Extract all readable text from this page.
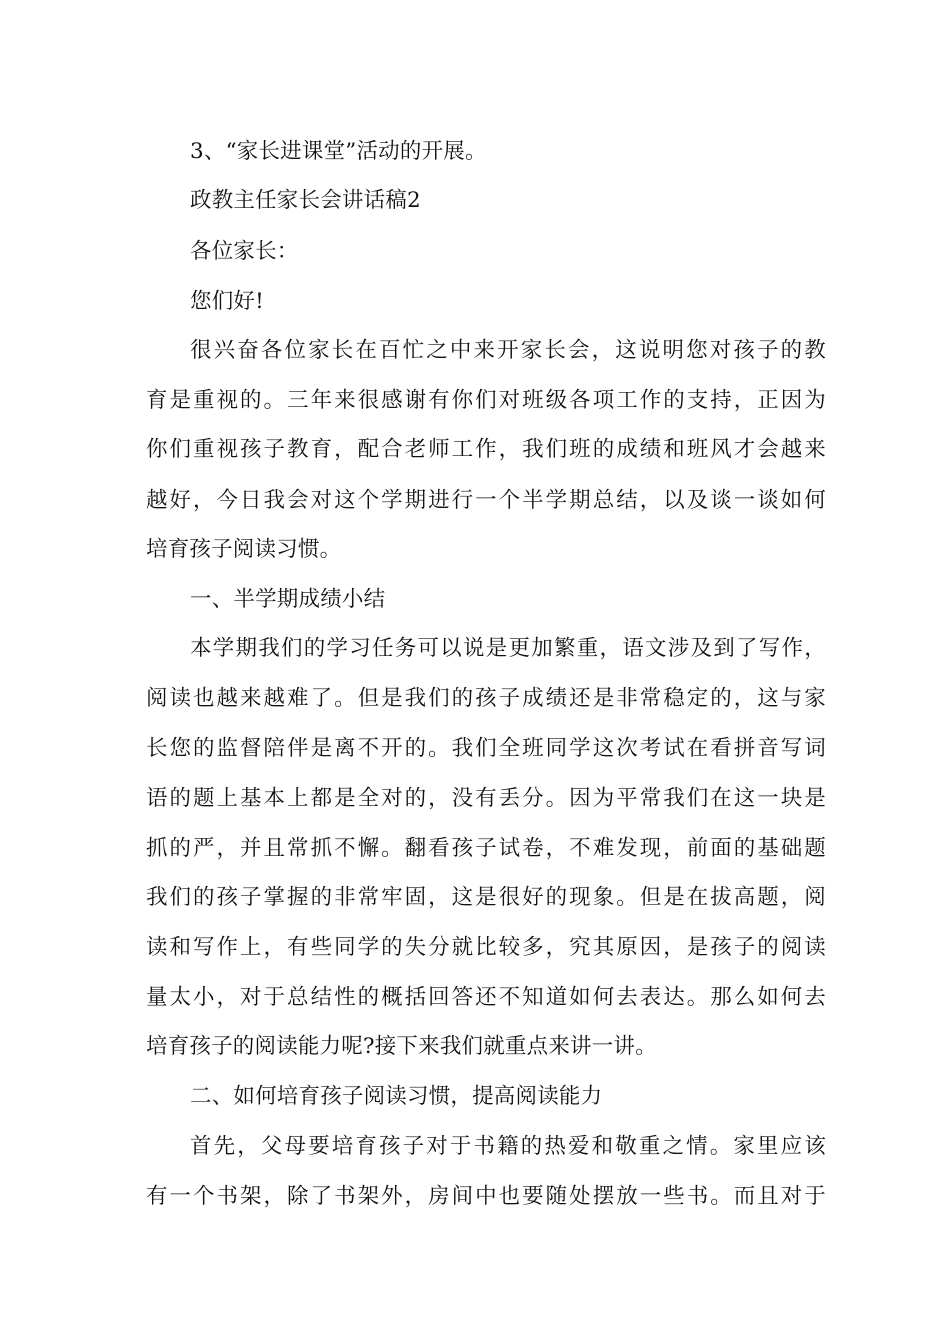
3、“家长进课堂”活动的开展。
政教主任家长会讲话稿2
各位家长：
您们好!
很兴奋各位家长在百忙之中来开家长会，这说明您对孩子的教
育是重视的。三年来很感谢有你们对班级各项工作的支持，正因为
你们重视孩子教育，配合老师工作，我们班的成绩和班风才会越来
越好，今日我会对这个学期进行一个半学期总结，以及谈一谈如何
培育孩子阅读习惯。
一、半学期成绩小结
本学期我们的学习任务可以说是更加繁重，语文涉及到了写作，
阅读也越来越难了。但是我们的孩子成绩还是非常稳定的，这与家
长您的监督陪伴是离不开的。我们全班同学这次考试在看拼音写词
语的题上基本上都是全对的，没有丢分。因为平常我们在这一块是
抓的严，并且常抓不懈。翻看孩子试卷，不难发现，前面的基础题
我们的孩子掌握的非常牢固，这是很好的现象。但是在拔高题，阅
读和写作上，有些同学的失分就比较多，究其原因，是孩子的阅读
量太小，对于总结性的概括回答还不知道如何去表达。那么如何去
培育孩子的阅读能力呢?接下来我们就重点来讲一讲。
二、如何培育孩子阅读习惯，提高阅读能力
首先，父母要培育孩子对于书籍的热爱和敬重之情。家里应该
有一个书架，除了书架外，房间中也要随处摆放一些书。而且对于
